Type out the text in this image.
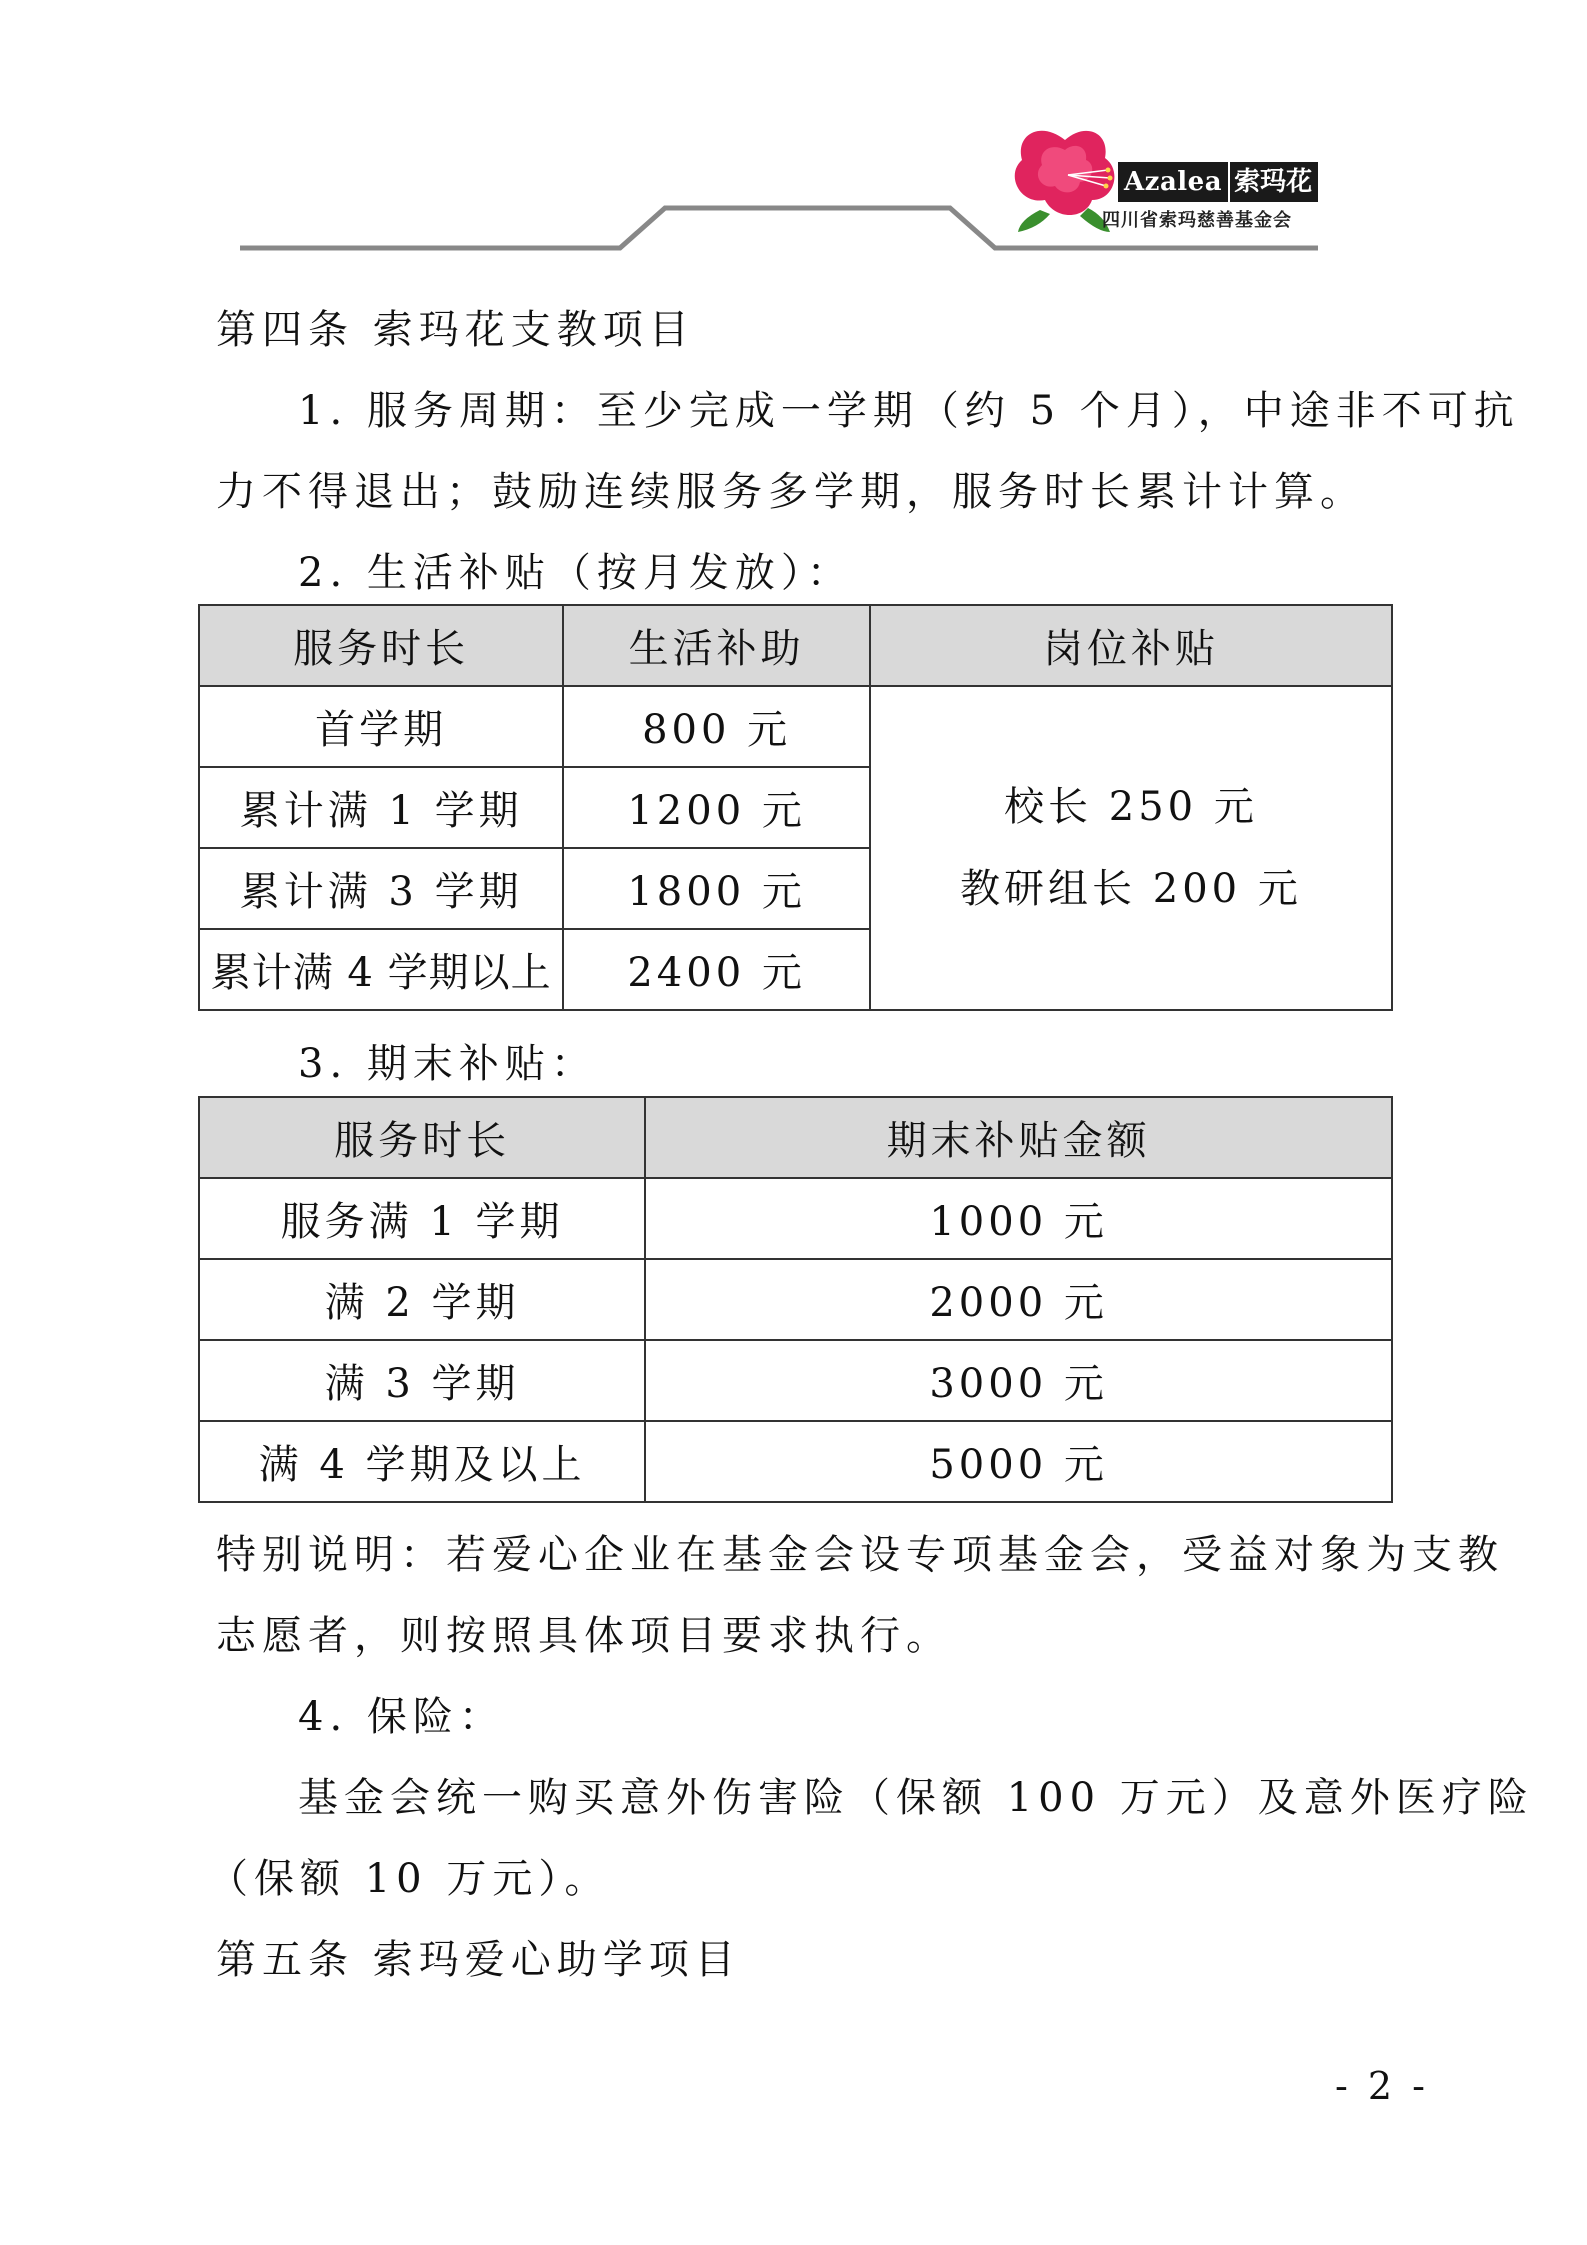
Azalea 索玛花
四川省索玛慈善基金会
第四条 索玛花支教项目
1. 服务周期：至少完成一学期（约 5 个月），中途非不可抗
力不得退出；鼓励连续服务多学期，服务时长累计计算。
2. 生活补贴（按月发放）：
服务时长	生活补助	岗位补贴
首学期	800 元	校长 250 元
教研组长 200 元

累计满 1 学期	1200 元	
累计满 3 学期	1800 元	
累计满 4 学期以上	2400 元	
3. 期末补贴：
服务时长	期末补贴金额
服务满 1 学期	1000 元
满 2 学期	2000 元
满 3 学期	3000 元
满 4 学期及以上	5000 元
特别说明：若爱心企业在基金会设专项基金会，受益对象为支教
志愿者，则按照具体项目要求执行。
4. 保险：
基金会统一购买意外伤害险（保额 100 万元）及意外医疗险
（保额 10 万元）。
第五条 索玛爱心助学项目
- 2 -
